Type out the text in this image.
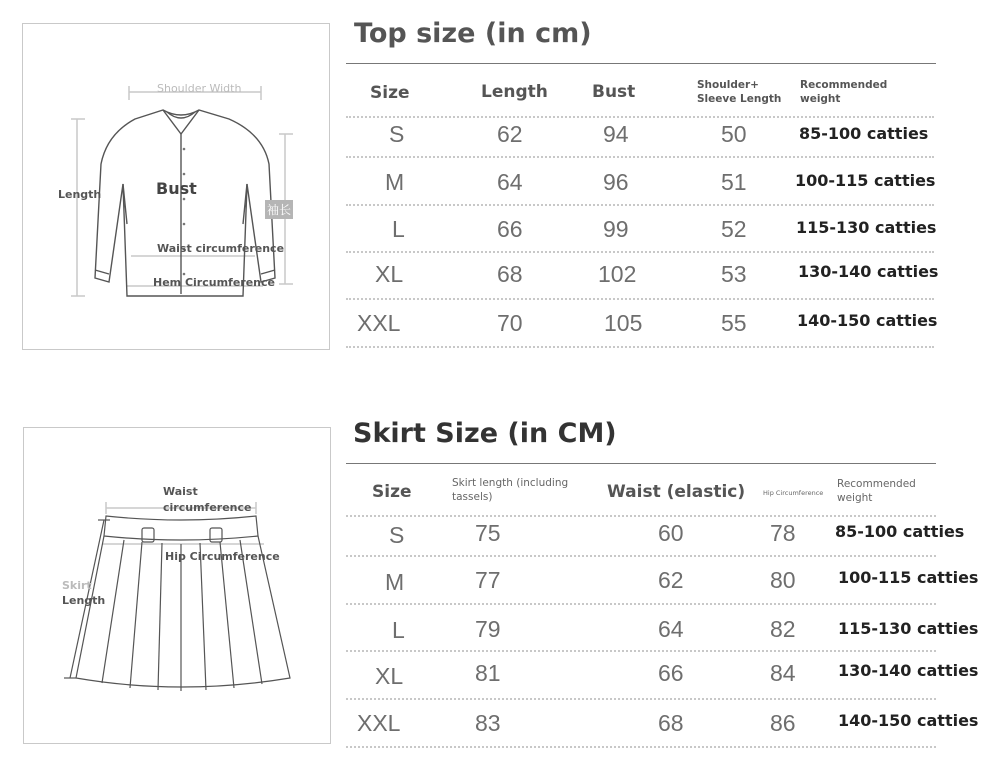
Shoulder Width
Length	Bust
袖长
Waist circumference
Hem Circumference
Top size (in cm)
Size	Length	Bust	Shoulder+
Sleeve Length
Recommended
weight
S	62	94	50	85-100 catties
M	64	96	51	100-115 catties
L	66	99	52	115-130 catties
XL	68	102	53	130-140 catties
XXL	70	105	55	140-150 catties
Waist
circumference
Hip Circumference
Skirt
Length
Skirt Size (in CM)
Size	Skirt length (including
tassels)	Waist (elastic)	Hip Circumference
Recommended
weight
S	75	60	78 85-100 catties
M	77	62	80	100-115 catties
L	79	64	82	115-130 catties
XL	81	66	84	130-140 catties
XXL	83	68	86	140-150 catties
